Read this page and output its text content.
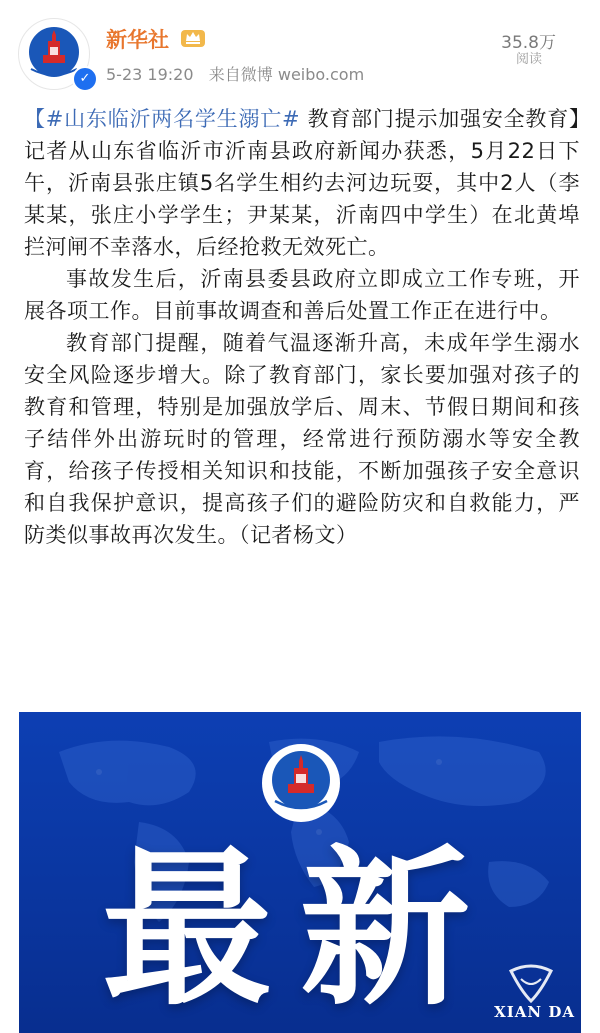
✓
新华社
5-23 19:20 来自微博 weibo.com
35.8万
阅读

【#山东临沂两名学生溺亡# 教育部门提示加强安全教育】记者从山东省临沂市沂南县政府新闻办获悉，5月22日下午，沂南县张庄镇5名学生相约去河边玩耍，其中2人（李某某，张庄小学学生；尹某某，沂南四中学生）在北黄埠拦河闸不幸落水，后经抢救无效死亡。

事故发生后，沂南县委县政府立即成立工作专班，开展各项工作。目前事故调查和善后处置工作正在进行中。

教育部门提醒，随着气温逐渐升高，未成年学生溺水安全风险逐步增大。除了教育部门，家长要加强对孩子的教育和管理，特别是加强放学后、周末、节假日期间和孩子结伴外出游玩时的管理，经常进行预防溺水等安全教育，给孩子传授相关知识和技能，不断加强孩子安全意识和自我保护意识，提高孩子们的避险防灾和自救能力，严防类似事故再次发生。（记者杨文）

最新
XIAN DA
